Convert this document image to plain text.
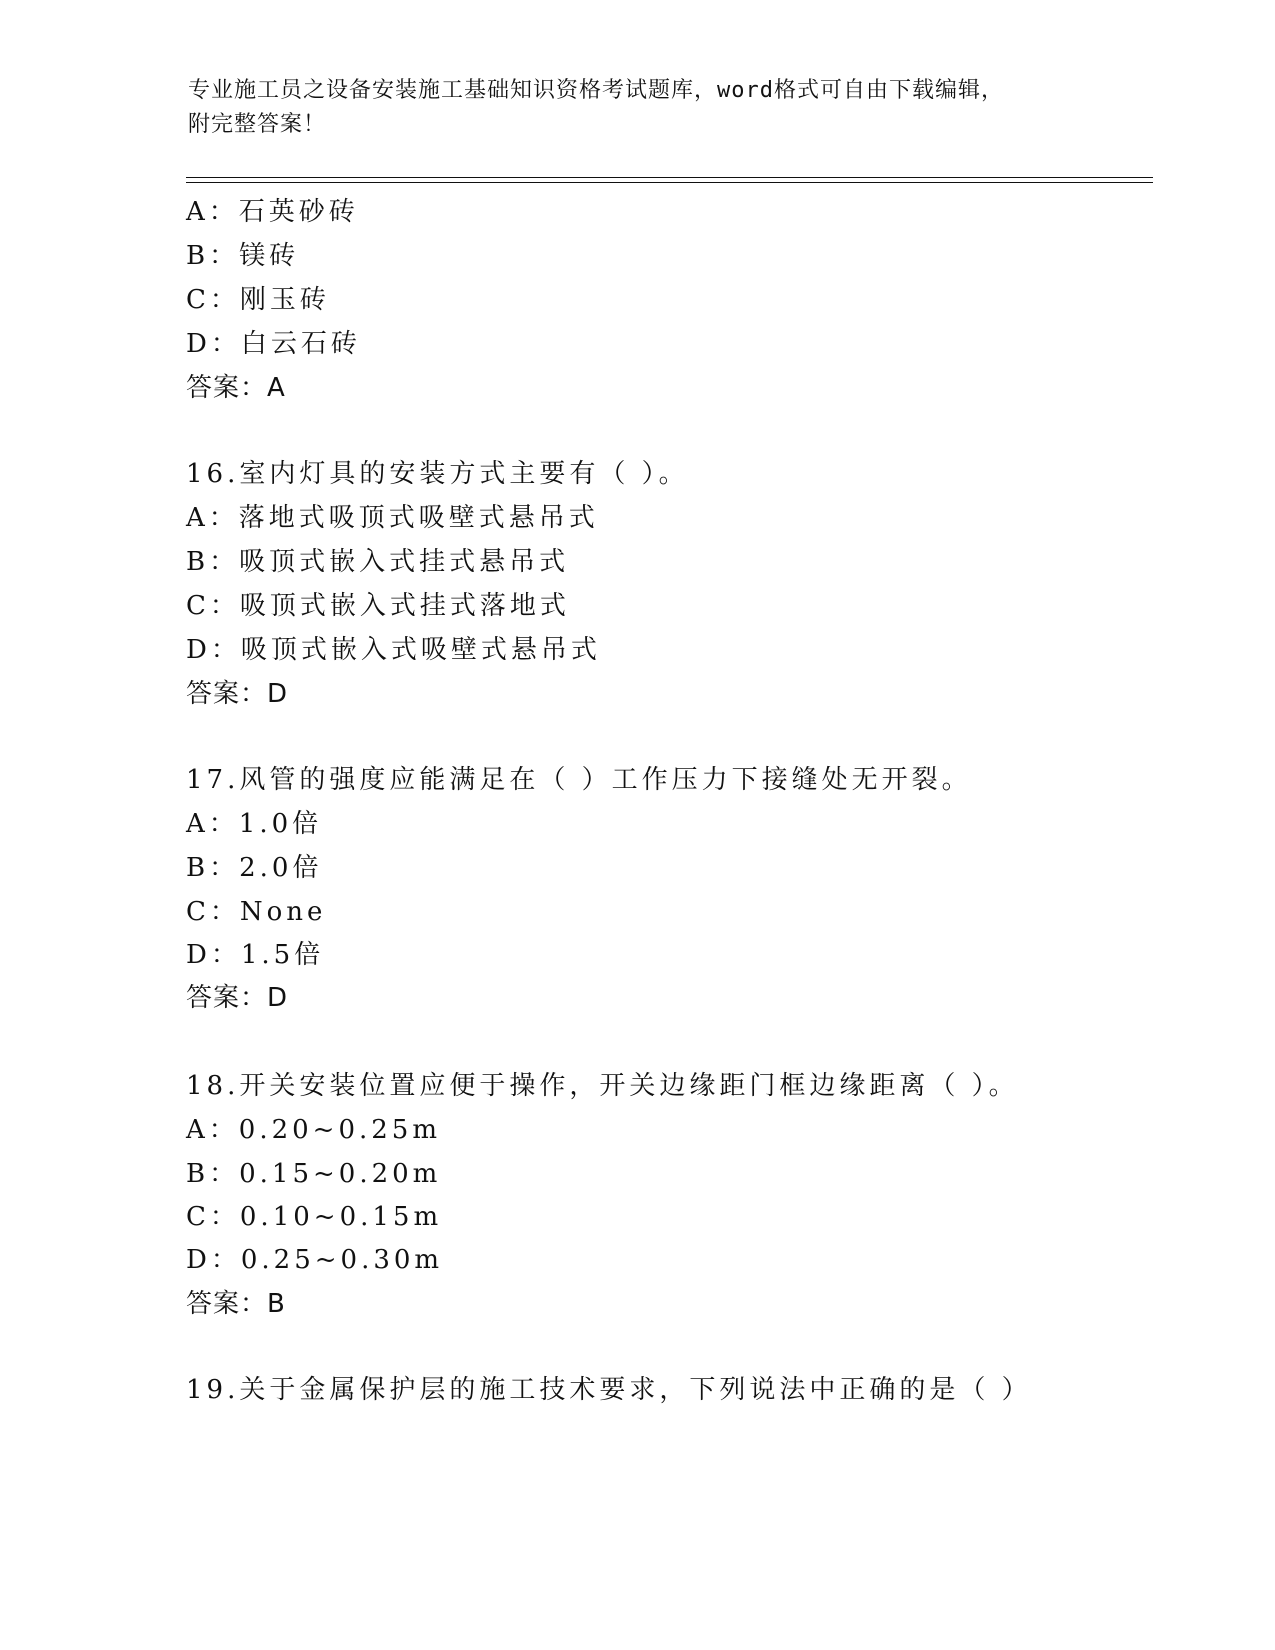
专业施工员之设备安装施工基础知识资格考试题库，word格式可自由下载编辑，
附完整答案！
A：石英砂砖
B：镁砖
C：刚玉砖
D：白云石砖
答案：A
16.室内灯具的安装方式主要有（ ）。
A：落地式吸顶式吸壁式悬吊式
B：吸顶式嵌入式挂式悬吊式
C：吸顶式嵌入式挂式落地式
D：吸顶式嵌入式吸壁式悬吊式
答案：D
17.风管的强度应能满足在（ ）工作压力下接缝处无开裂。
A：1.0倍
B：2.0倍
C：None
D：1.5倍
答案：D
18.开关安装位置应便于操作，开关边缘距门框边缘距离（ ）。
A：0.20~0.25m
B：0.15~0.20m
C：0.10~0.15m
D：0.25~0.30m
答案：B
19.关于金属保护层的施工技术要求，下列说法中正确的是（ ）
